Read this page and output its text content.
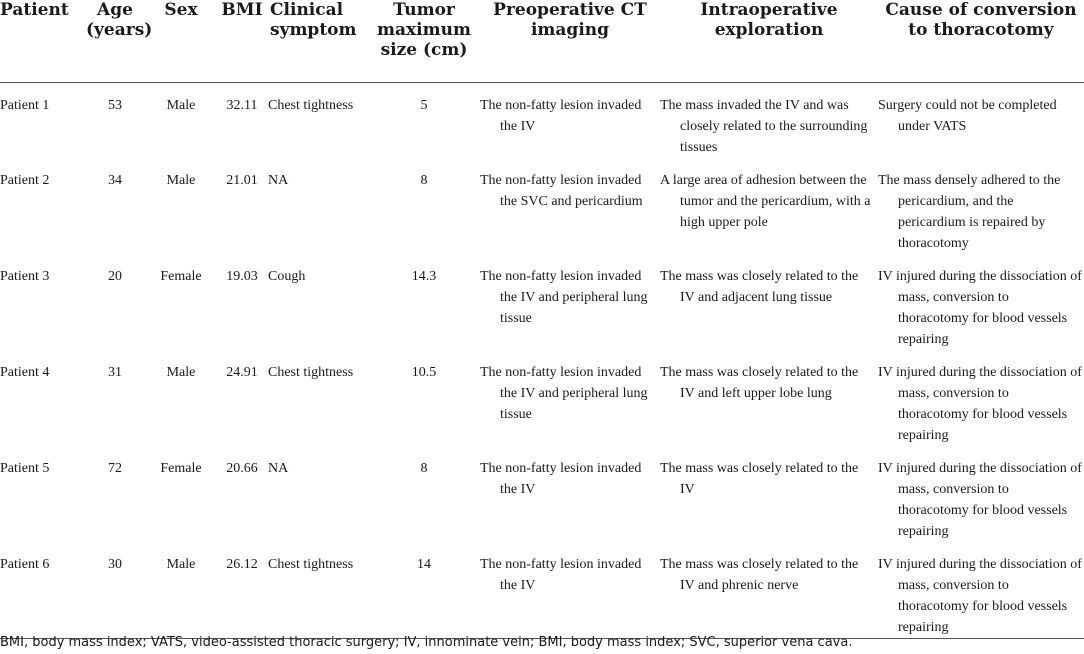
Patient	Age (years)	Sex	BMI	Clinical symptom	Tumor maximum size (cm)	Preoperative CT imaging	Intraoperative exploration	Cause of conversion to thoracotomy
Patient 1	53	Male	32.11	Chest tightness	5	The non-fatty lesion invaded the IV	The mass invaded the IV and was closely related to the surrounding tissues	Surgery could not be completed under VATS
Patient 2	34	Male	21.01	NA	8	The non-fatty lesion invaded the SVC and pericardium	A large area of adhesion between the tumor and the pericardium, with a high upper pole	The mass densely adhered to the pericardium, and the pericardium is repaired by thoracotomy
Patient 3	20	Female	19.03	Cough	14.3	The non-fatty lesion invaded the IV and peripheral lung tissue	The mass was closely related to the IV and adjacent lung tissue	IV injured during the dissociation of mass, conversion to thoracotomy for blood vessels repairing
Patient 4	31	Male	24.91	Chest tightness	10.5	The non-fatty lesion invaded the IV and peripheral lung tissue	The mass was closely related to the IV and left upper lobe lung	IV injured during the dissociation of mass, conversion to thoracotomy for blood vessels repairing
Patient 5	72	Female	20.66	NA	8	The non-fatty lesion invaded the IV	The mass was closely related to the IV	IV injured during the dissociation of mass, conversion to thoracotomy for blood vessels repairing
Patient 6	30	Male	26.12	Chest tightness	14	The non-fatty lesion invaded the IV	The mass was closely related to the IV and phrenic nerve	IV injured during the dissociation of mass, conversion to thoracotomy for blood vessels repairing
BMI, body mass index; VATS, video-assisted thoracic surgery; IV, innominate vein; BMI, body mass index; SVC, superior vena cava.
